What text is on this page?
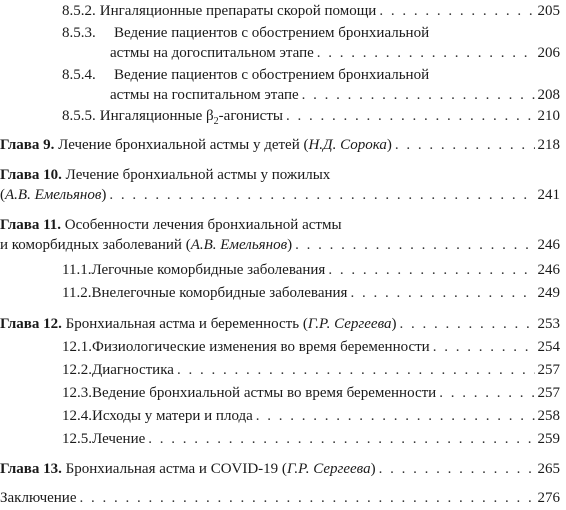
8.5.2. Ингаляционные препараты скорой помощи . . .	205
8.5.3.	Ведение пациентов с обострением бронхиальной
астмы на догоспитальном этапе . . .	206
8.5.4.	Ведение пациентов с обострением бронхиальной
астмы на госпитальном этапе . . .	208
8.5.5. Ингаляционные $\beta_2$-агонисты . . .	210
Глава 9.
Лечение бронхиальной астмы у детей ( Н.Д. Сорока ) . . .	218
Глава 10.
Лечение бронхиальной астмы у пожилых
( А.В. Емельянов ) . . .	241
Глава 11.
Особенности лечения бронхиальной астмы
и коморбидных заболеваний ( А.В. Емельянов ) . . .	246
11.1. Легочные коморбидные заболевания . . .	246
11.2. Внелегочные коморбидные заболевания . . .	249
Глава 12.
Бронхиальная астма и беременность ( Г.Р. Сергеева ) . . .	253
12.1. Физиологические изменения во время беременности . . .	254
12.2. Диагностика . . .	257
12.3. Ведение бронхиальной астмы во время беременности . . .	257
12.4. Исходы у матери и плода . . .	258
12.5. Лечение . . .	259
Глава 13.
Бронхиальная астма и COVID-19 ( Г.Р. Сергеева ) . . .	265
Заключение . . .	276
